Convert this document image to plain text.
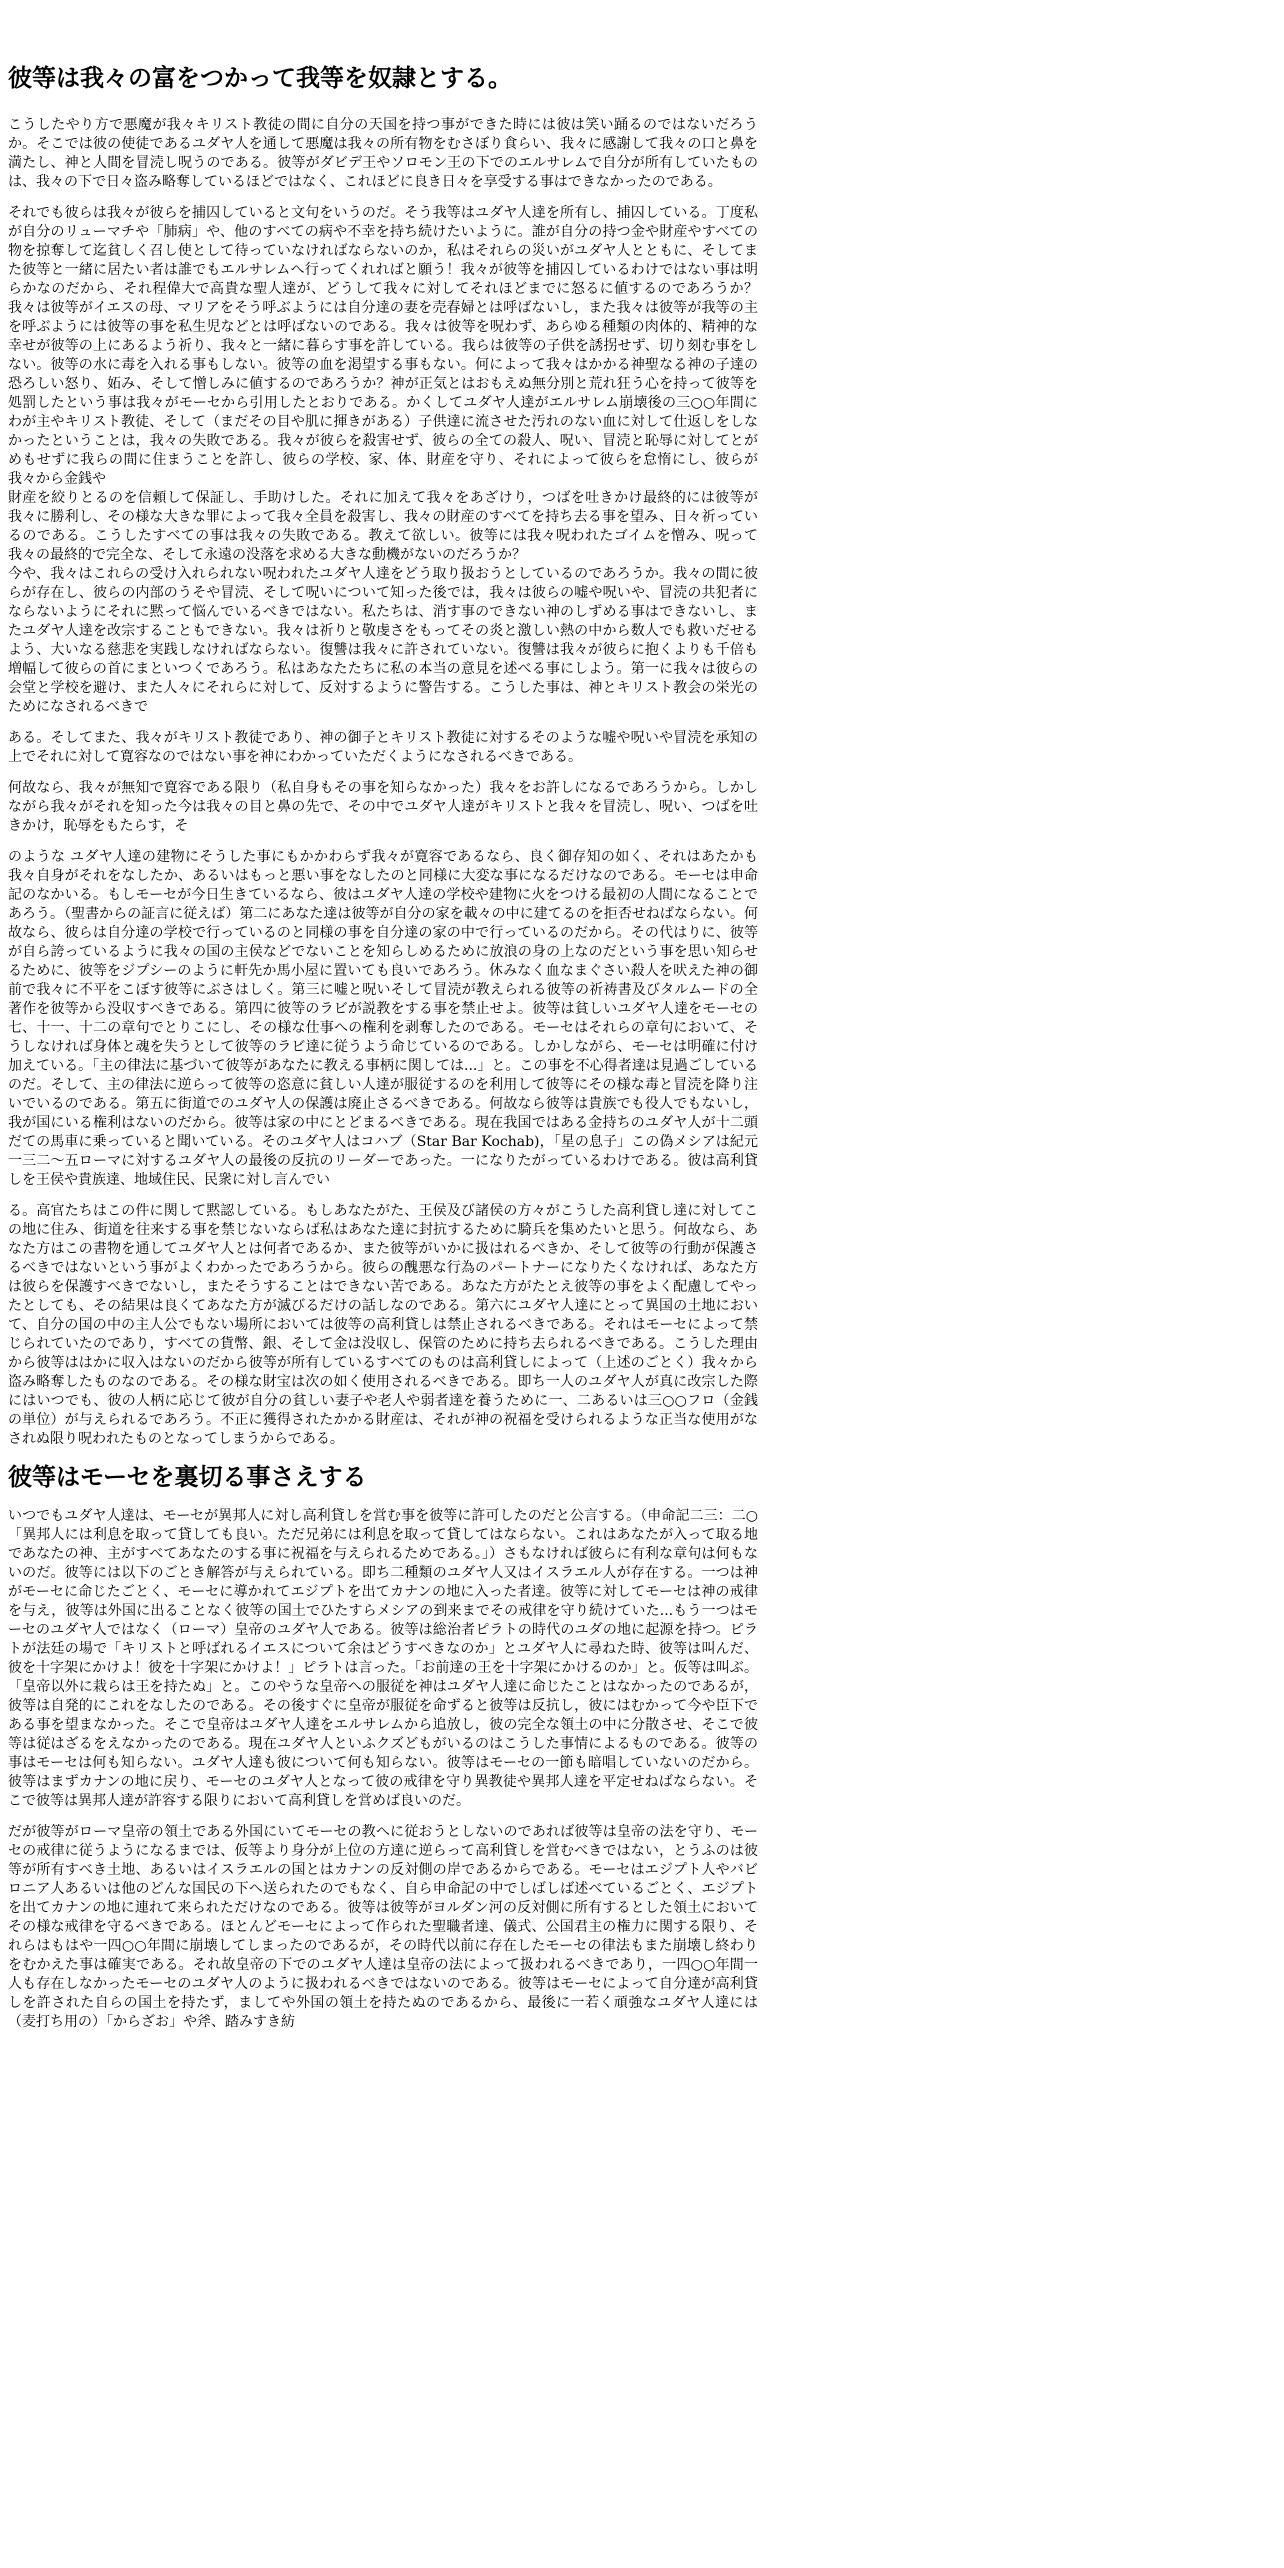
彼等は我々の富をつかって我等を奴隷とする。

こうしたやり方で悪魔が我々キリスト教徒の間に自分の天国を持つ事ができた時には彼は笑い踊るのではないだろうか。そこでは彼の使徒であるユダヤ人を通して悪魔は我々の所有物をむさぼり食らい、我々に感謝して我々の口と鼻を満たし、神と人間を冒涜し呪うのである。彼等がダビデ王やソロモン王の下でのエルサレムで自分が所有していたものは、我々の下で日々盗み略奪しているほどではなく、これほどに良き日々を享受する事はできなかったのである。

それでも彼らは我々が彼らを捕囚していると文句をいうのだ。そう我等はユダヤ人達を所有し、捕囚している。丁度私が自分のリューマチや「肺病」や、他のすべての病や不幸を持ち続けたいように。誰が自分の持つ金や財産やすべての物を掠奪して迄貧しく召し使として待っていなければならないのか，私はそれらの災いがユダヤ人とともに、そしてまた彼等と一緒に居たい者は誰でもエルサレムへ行ってくれればと願う！我々が彼等を捕囚しているわけではない事は明らかなのだから、それ程偉大で高貴な聖人達が、どうして我々に対してそれほどまでに怒るに値するのであろうか？我々は彼等がイエスの母、マリアをそう呼ぶようには自分達の妻を売春婦とは呼ばないし，また我々は彼等が我等の主を呼ぶようには彼等の事を私生児などとは呼ばないのである。我々は彼等を呪わず、あらゆる種類の肉体的、精神的な幸せが彼等の上にあるよう祈り、我々と一緒に暮らす事を許している。我らは彼等の子供を誘拐せず、切り刻む事をしない。彼等の水に毒を入れる事もしない。彼等の血を渇望する事もない。何によって我々はかかる神聖なる神の子達の恐ろしい怒り、妬み、そして憎しみに値するのであろうか？神が正気とはおもえぬ無分別と荒れ狂う心を持って彼等を処罰したという事は我々がモーセから引用したとおりである。かくしてユダヤ人達がエルサレム崩壊後の三○○年間にわが主やキリスト教徒、そして（まだその目や肌に揮きがある）子供達に流させた汚れのない血に対して仕返しをしなかったということは，我々の失敗である。我々が彼らを殺害せず、彼らの全ての殺人、呪い、冒涜と恥辱に対してとがめもせずに我らの間に住まうことを許し、彼らの学校、家、体、財産を守り、それによって彼らを怠惰にし、彼らが我々から金銭や

財産を絞りとるのを信頼して保証し、手助けした。それに加えて我々をあざけり，つばを吐きかけ最終的には彼等が我々に勝利し、その様な大きな罪によって我々全員を殺害し、我々の財産のすべてを持ち去る事を望み、日々祈っているのである。こうしたすべての事は我々の失敗である。教えて欲しい。彼等には我々呪われたゴイムを憎み、呪って我々の最終的で完全な、そして永遠の没落を求める大きな動機がないのだろうか？

今や、我々はこれらの受け入れられない呪われたユダヤ人達をどう取り扱おうとしているのであろうか。我々の間に彼らが存在し、彼らの内部のうそや冒涜、そして呪いについて知った後では，我々は彼らの嘘や呪いや、冒涜の共犯者にならないようにそれに黙って悩んでいるべきではない。私たちは、消す事のできない神のしずめる事はできないし、またユダヤ人達を改宗することもできない。我々は祈りと敬虔さをもってその炎と激しい熱の中から数人でも救いだせるよう、大いなる慈悲を実践しなければならない。復讐は我々に許されていない。復讐は我々が彼らに抱くよりも千倍も増幅して彼らの首にまといつくであろう。私はあなたたちに私の本当の意見を述べる事にしよう。第一に我々は彼らの会堂と学校を避け、また人々にそれらに対して、反対するように警告する。こうした事は、神とキリスト教会の栄光のためになされるべきで

ある。そしてまた、我々がキリスト教徒であり、神の御子とキリスト教徒に対するそのような嘘や呪いや冒涜を承知の上でそれに対して寛容なのではない事を神にわかっていただくようになされるべきである。

何故なら、我々が無知で寛容である限り（私自身もその事を知らなかった）我々をお許しになるであろうから。しかしながら我々がそれを知った今は我々の目と鼻の先で、その中でユダヤ人達がキリストと我々を冒涜し、呪い、つばを吐きかけ，恥辱をもたらす，そ

のような ユダヤ人達の建物にそうした事にもかかわらず我々が寛容であるなら、良く御存知の如く、それはあたかも我々自身がそれをなしたか、あるいはもっと悪い事をなしたのと同様に大変な事になるだけなのである。モーセは申命記のなかいる。もしモーセが今日生きているなら、彼はユダヤ人達の学校や建物に火をつける最初の人間になることであろう。（聖書からの証言に従えば）第二にあなた達は彼等が自分の家を載々の中に建てるのを拒否せねばならない。何故なら、彼らは自分達の学校で行っているのと同様の事を自分達の家の中で行っているのだから。その代はりに、彼等が自ら誇っているように我々の国の主侯などでないことを知らしめるために放浪の身の上なのだという事を思い知らせるために、彼等をジプシーのように軒先か馬小屋に置いても良いであろう。休みなく血なまぐさい殺人を吠えた神の御前で我々に不平をこぼす彼等にぶさはしく。第三に嘘と呪いそして冒涜が教えられる彼等の祈祷書及びタルムードの全著作を彼等から没収すべきである。第四に彼等のラビが説教をする事を禁止せよ。彼等は貧しいユダヤ人達をモーセの七、十一、十二の章句でとりこにし、その様な仕事への権利を剥奪したのである。モーセはそれらの章句において、そうしなければ身体と魂を失うとして彼等のラビ達に従うよう命じているのである。しかしながら、モーセは明確に付け加えている。「主の律法に基づいて彼等があなたに教える事柄に関しては...」と。この事を不心得者達は見過ごしているのだ。そして、主の律法に逆らって彼等の恣意に貧しい人達が服従するのを利用して彼等にその様な毒と冒涜を降り注いでいるのである。第五に街道でのユダヤ人の保護は廃止さるべきである。何故なら彼等は貴族でも役人でもないし，我が国にいる権利はないのだから。彼等は家の中にとどまるべきである。現在我国ではある金持ちのユダヤ人が十二頭だての馬車に乗っていると聞いている。そのユダヤ人はコハブ（Star Bar Kochab)，「星の息子」この偽メシアは紀元一三二～五ローマに対するユダヤ人の最後の反抗のリーダーであった。一になりたがっているわけである。彼は高利貸しを王侯や貴族達、地域住民、民衆に対し言んでい

る。高官たちはこの件に関して黙認している。もしあなたがた、王侯及び諸侯の方々がこうした高利貸し達に対してこの地に住み、街道を往来する事を禁じないならば私はあなた達に封抗するために騎兵を集めたいと思う。何故なら、あなた方はこの書物を通してユダヤ人とは何者であるか、また彼等がいかに扱はれるべきか、そして彼等の行動が保護さるべきではないという事がよくわかったであろうから。彼らの醜悪な行為のパートナーになりたくなければ、あなた方は彼らを保護すべきでないし，またそうすることはできない苦である。あなた方がたとえ彼等の事をよく配慮してやったとしても、その結果は良くてあなた方が滅びるだけの話しなのである。第六にユダヤ人達にとって異国の土地において、自分の国の中の主人公でもない場所においては彼等の高利貸しは禁止されるべきである。それはモーセによって禁じられていたのであり，すべての貨幣、銀、そして金は没収し、保管のために持ち去られるべきである。こうした理由から彼等ははかに収入はないのだから彼等が所有しているすべてのものは高利貸しによって（上述のごとく）我々から盗み略奪したものなのである。その様な財宝は次の如く使用されるべきである。即ち一人のユダヤ人が真に改宗した際にはいつでも、彼の人柄に応じて彼が自分の貧しい妻子や老人や弱者達を養うために一、二あるいは三○○フロ（金銭の単位）が与えられるであろう。不正に獲得されたかかる財産は、それが神の祝福を受けられるような正当な使用がなされぬ限り呪われたものとなってしまうからである。

彼等はモーセを裏切る事さえする

いつでもユダヤ人達は、モーセが異邦人に対し高利貸しを営む事を彼等に許可したのだと公言する。（申命記二三：二○「異邦人には利息を取って貸しても良い。ただ兄弟には利息を取って貸してはならない。これはあなたが入って取る地であなたの神、主がすべてあなたのする事に祝福を与えられるためである。」）さもなければ彼らに有利な章句は何もないのだ。彼等には以下のごとき解答が与えられている。即ち二種類のユダヤ人又はイスラエル人が存在する。一つは神がモーセに命じたごとく、モーセに導かれてエジプトを出てカナンの地に入った者達。彼等に対してモーセは神の戒律を与え，彼等は外国に出ることなく彼等の国土でひたすらメシアの到来までその戒律を守り続けていた...もう一つはモーセのユダヤ人ではなく（ローマ）皇帝のユダヤ人である。彼等は総治者ピラトの時代のユダの地に起源を持つ。ピラトが法廷の場で「キリストと呼ばれるイエスについて余はどうすべきなのか」とユダヤ人に尋ねた時、彼等は叫んだ、彼を十字架にかけよ！彼を十字架にかけよ！」ピラトは言った。「お前達の王を十字架にかけるのか」と。仮等は叫ぶ。「皇帝以外に栽らは王を持たぬ」と。このやうな皇帝への服従を神はユダヤ人達に命じたことはなかったのであるが，彼等は自発的にこれをなしたのである。その後すぐに皇帝が服従を命ずると彼等は反抗し，彼にはむかって今や臣下である事を望まなかった。そこで皇帝はユダヤ人達をエルサレムから追放し，彼の完全な領土の中に分散させ、そこで彼等は従はざるをえなかったのである。現在ユダヤ人といふクズどもがいるのはこうした事情によるものである。彼等の事はモーセは何も知らない。ユダヤ人達も彼について何も知らない。彼等はモーセの一節も暗唱していないのだから。彼等はまずカナンの地に戻り、モーセのユダヤ人となって彼の戒律を守り異教徒や異邦人達を平定せねばならない。そこで彼等は異邦人達が許容する限りにおいて高利貸しを営めば良いのだ。

だが彼等がローマ皇帝の領土である外国にいてモーセの教へに従おうとしないのであれば彼等は皇帝の法を守り、モーセの戒律に従うようになるまでは、仮等より身分が上位の方達に逆らって高利貸しを営むべきではない，とうふのは彼等が所有すべき土地、あるいはイスラエルの国とはカナンの反対側の岸であるからである。モーセはエジプト人やバビロニア人あるいは他のどんな国民の下へ送られたのでもなく、自ら申命記の中でしばしば述べているごとく、エジプトを出てカナンの地に連れて来られただけなのである。彼等は彼等がヨルダン河の反対側に所有するとした領土においてその様な戒律を守るべきである。ほとんどモーセによって作られた聖職者達、儀式、公国君主の権力に関する限り、それらはもはや一四○○年間に崩壊してしまったのであるが，その時代以前に存在したモーセの律法もまた崩壊し終わりをむかえた事は確実である。それ故皇帝の下でのユダヤ人達は皇帝の法によって扱われるべきであり，一四○○年間一人も存在しなかったモーセのユダヤ人のように扱われるべきではないのである。彼等はモーセによって自分達が高利貸しを許された自らの国土を持たず，ましてや外国の領土を持たぬのであるから、最後に一若く頑強なユダヤ人達には（麦打ち用の）「からざお」や斧、踏みすき紡
